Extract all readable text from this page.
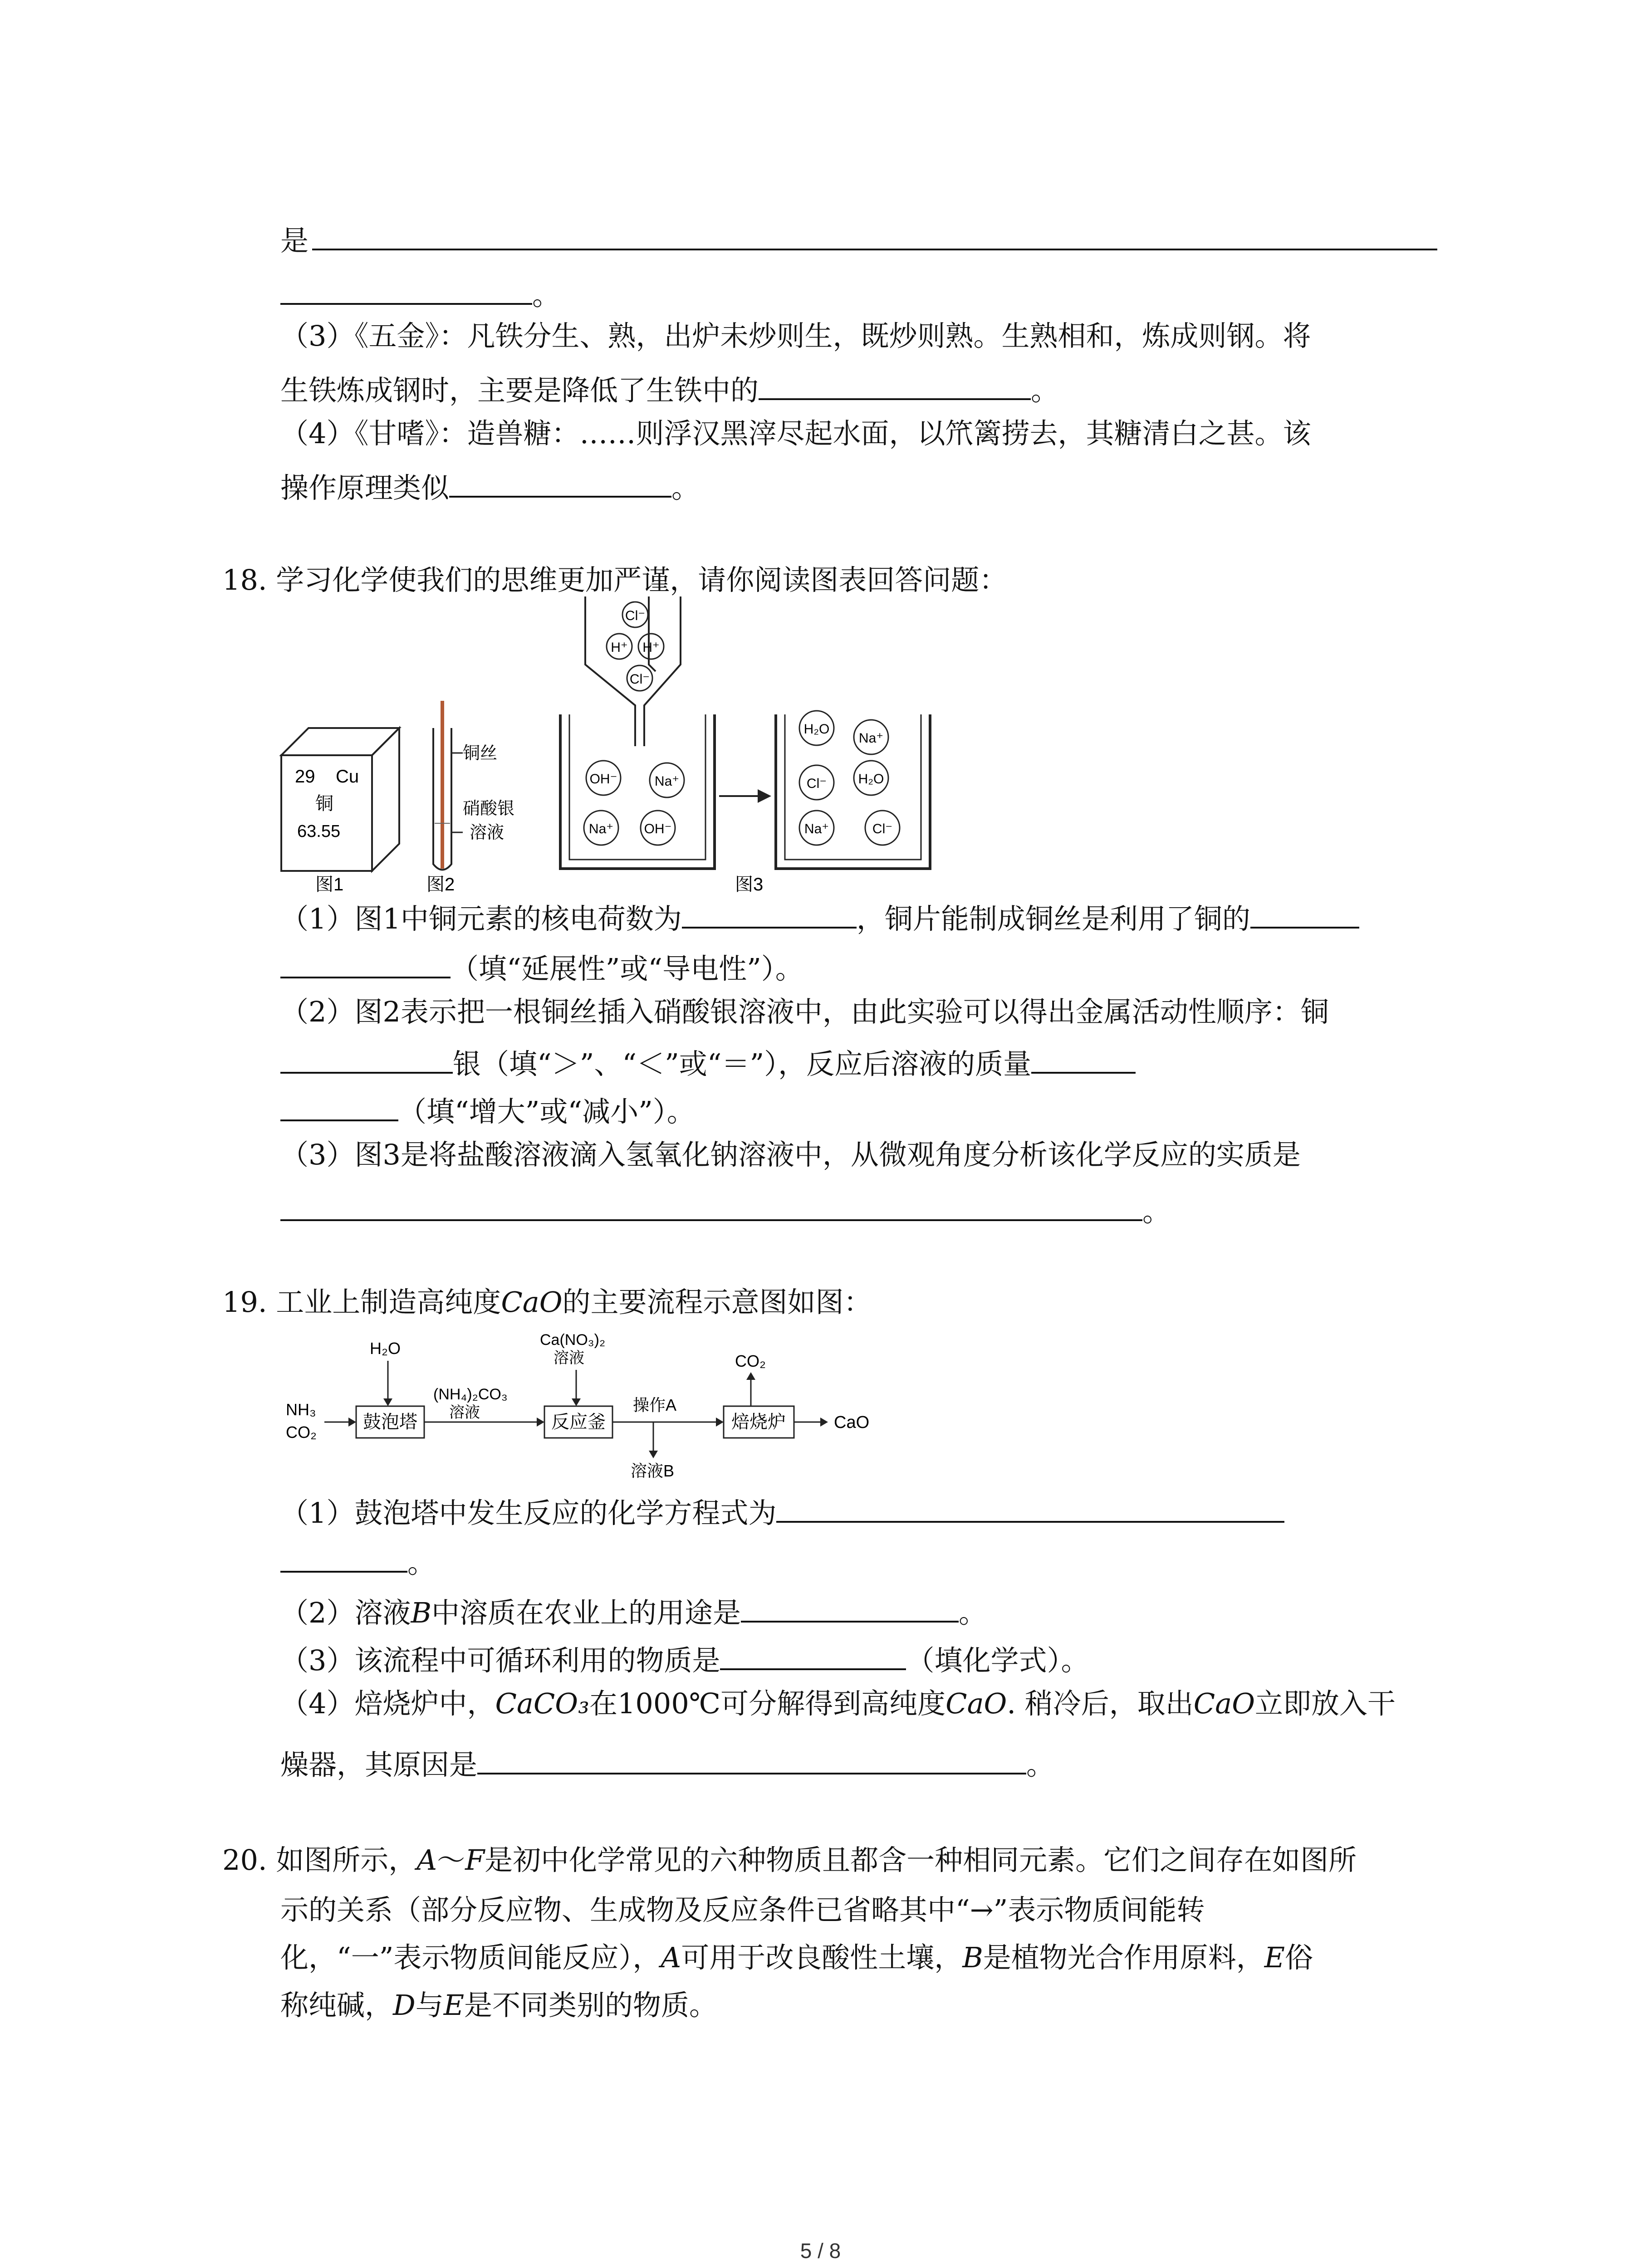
是
。
（3）《五金》：凡铁分生、熟，出炉未炒则生，既炒则熟。生熟相和，炼成则钢。将
生铁炼成钢时，主要是降低了生铁中的	。
（4）《甘嗜》：造兽糖：……则浮汉黑滓尽起水面，以笊篱捞去，其糖清白之甚。该
操作原理类似	。
18. 学习化学使我们的思维更加严谨，请你阅读图表回答问题：
29 Cu
铜
63.55
图1
铜丝
硝酸银
溶液
图2
Cl⁻
H⁺ H⁺
Cl⁻
OH⁻	Na⁺
Na⁺ OH⁻
H₂O
Na⁺
Cl⁻ H₂O
Na⁺	Cl⁻
图3
（1）图1中铜元素的核电荷数为	，铜片能制成铜丝是利用了铜的
（填“延展性”或“导电性”）。
（2）图2表示把一根铜丝插入硝酸银溶液中，由此实验可以得出金属活动性顺序：铜
银（填“＞”、“＜”或“＝”），反应后溶液的质量
（填“增大”或“减小”）。
（3）图3是将盐酸溶液滴入氢氧化钠溶液中，从微观角度分析该化学反应的实质是
。
19. 工业上制造高纯度CaO的主要流程示意图如图：
NH₃
CO₂
H₂O
鼓泡塔
(NH₄)₂CO₃
溶液
Ca(NO₃)₂
溶液
反应釜
操作A
溶液B
焙烧炉
CO₂
CaO
（1）鼓泡塔中发生反应的化学方程式为
。
（2）溶液B中溶质在农业上的用途是	。
（3）该流程中可循环利用的物质是	（填化学式）。
（4）焙烧炉中，CaCO₃在1000℃可分解得到高纯度CaO. 稍冷后，取出CaO立即放入干
燥器，其原因是	。
20. 如图所示，A～F是初中化学常见的六种物质且都含一种相同元素。它们之间存在如图所
示的关系（部分反应物、生成物及反应条件已省略其中“→”表示物质间能转
化，“一”表示物质间能反应），A可用于改良酸性土壤，B是植物光合作用原料，E俗
称纯碱，D与E是不同类别的物质。
5 / 8
